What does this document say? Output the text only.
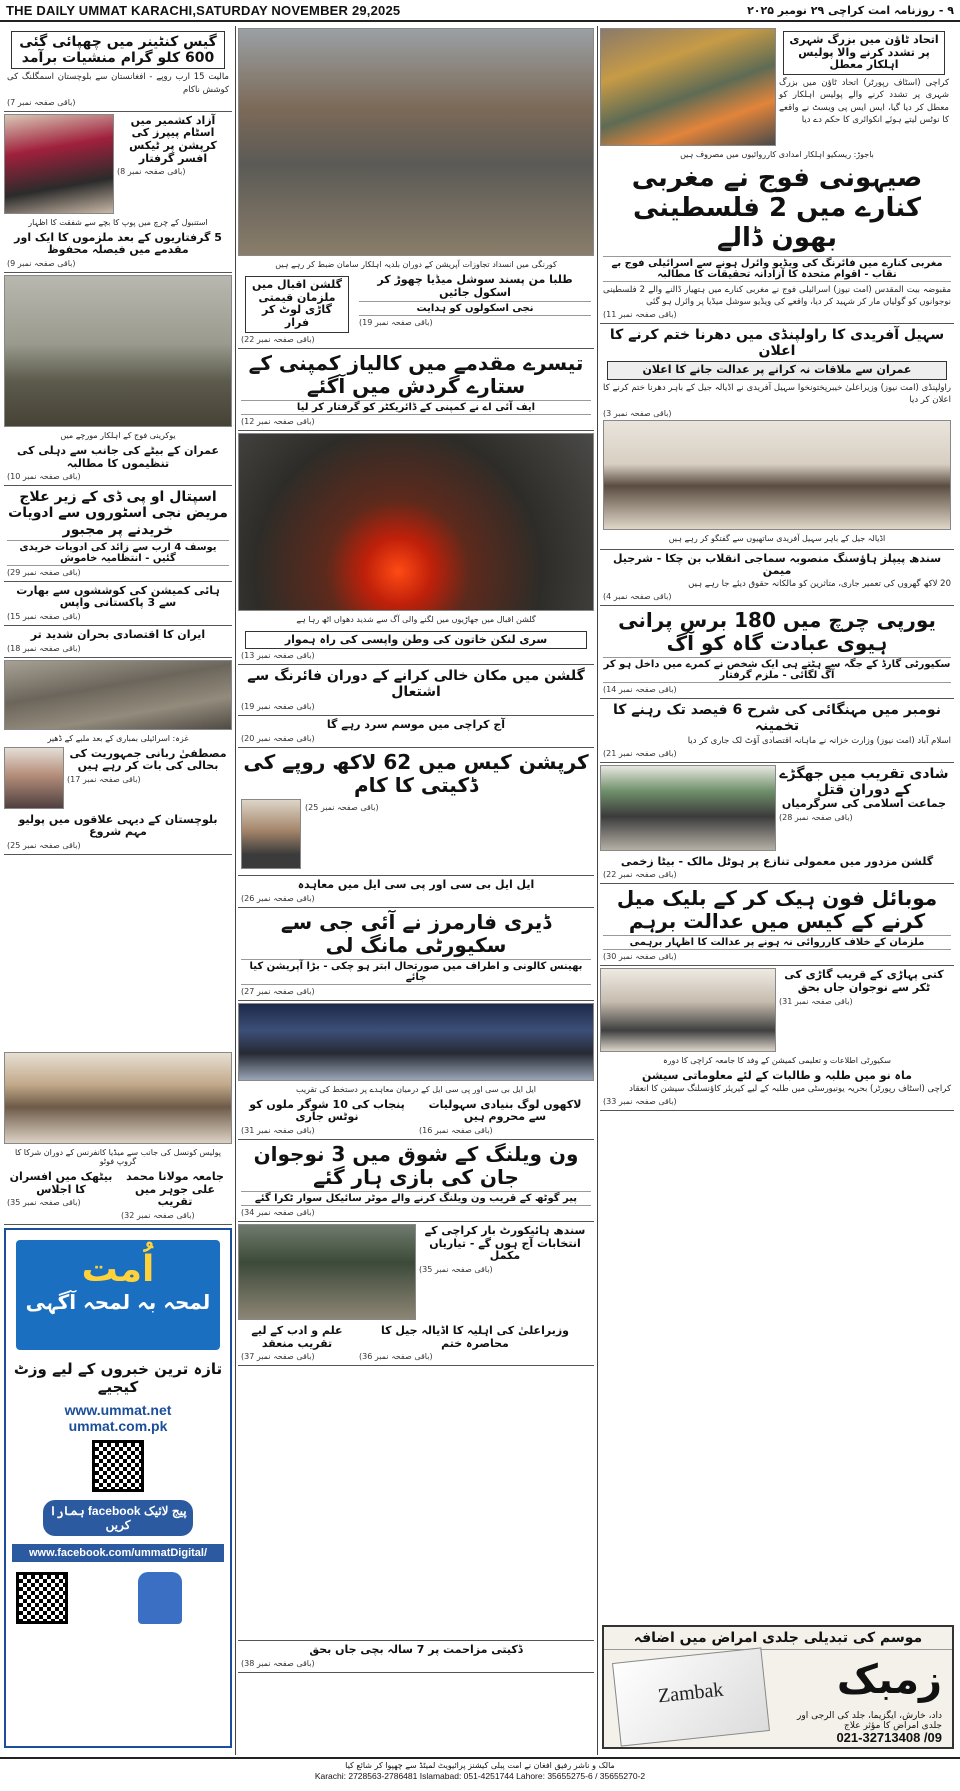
THE DAILY UMMAT KARACHI,SATURDAY NOVEMBER 29,2025	۹ - روزنامہ امت کراچی ۲۹ نومبر ۲۰۲۵
اتحاد ٹاؤن میں بزرگ شہری پر تشدد کرنے والا پولیس اہلکار معطل
کراچی (اسٹاف رپورٹر) اتحاد ٹاؤن میں بزرگ شہری پر تشدد کرنے والے پولیس اہلکار کو معطل کر دیا گیا، ایس ایس پی ویسٹ نے واقعے کا نوٹس لیتے ہوئے انکوائری کا حکم دے دیا
باجوڑ: ریسکیو اہلکار امدادی کارروائیوں میں مصروف ہیں
صیہونی فوج نے مغربی کنارے میں 2 فلسطینی بھون ڈالے
مغربی کنارے میں فائرنگ کی ویڈیو وائرل ہونے سے اسرائیلی فوج بے نقاب - اقوام متحدہ کا آزادانہ تحقیقات کا مطالبہ
مقبوضہ بیت المقدس (امت نیوز) اسرائیلی فوج نے مغربی کنارے میں ہتھیار ڈالنے والے 2 فلسطینی نوجوانوں کو گولیاں مار کر شہید کر دیا، واقعے کی ویڈیو سوشل میڈیا پر وائرل ہو گئی
(باقی صفحہ نمبر 11)
سہیل آفریدی کا راولپنڈی میں دھرنا ختم کرنے کا اعلان
عمران سے ملاقات نہ کرانے پر عدالت جانے کا اعلان
راولپنڈی (امت نیوز) وزیراعلیٰ خیبرپختونخوا سہیل آفریدی نے اڈیالہ جیل کے باہر دھرنا ختم کرنے کا اعلان کر دیا
(باقی صفحہ نمبر 3)
اڈیالہ جیل کے باہر سہیل آفریدی ساتھیوں سے گفتگو کر رہے ہیں
سندھ پیپلز ہاؤسنگ منصوبہ سماجی انقلاب بن چکا - شرجیل میمن
20 لاکھ گھروں کی تعمیر جاری، متاثرین کو مالکانہ حقوق دیئے جا رہے ہیں
(باقی صفحہ نمبر 4)
یورپی چرچ میں 180 برس پرانی ہیوی عبادت گاہ کو آگ
سکیورٹی گارڈ کے جگہ سے ہٹتے ہی ایک شخص نے کمرے میں داخل ہو کر آگ لگائی - ملزم گرفتار
(باقی صفحہ نمبر 14)
نومبر میں مہنگائی کی شرح 6 فیصد تک رہنے کا تخمینہ
اسلام آباد (امت نیوز) وزارت خزانہ نے ماہانہ اقتصادی آؤٹ لک جاری کر دیا
(باقی صفحہ نمبر 21)
شادی تقریب میں جھگڑے کے دوران قتل
جماعت اسلامی کی سرگرمیاں
(باقی صفحہ نمبر 28)
گلشن مزدور میں معمولی تنازع پر ہوٹل مالک - بیٹا زخمی
(باقی صفحہ نمبر 22)
موبائل فون ہیک کر کے بلیک میل کرنے کے کیس میں عدالت برہم
ملزمان کے خلاف کارروائی نہ ہونے پر عدالت کا اظہار برہمی
(باقی صفحہ نمبر 30)
کتی پہاڑی کے قریب گاڑی کی ٹکر سے نوجوان جاں بحق
(باقی صفحہ نمبر 31)
سکیورٹی اطلاعات و تعلیمی کمیشن کے وفد کا جامعہ کراچی کا دورہ
ماہ نو میں طلبہ و طالبات کے لئے معلوماتی سیشن
کراچی (اسٹاف رپورٹر) بحریہ یونیورسٹی میں طلبہ کے لیے کیریئر کاؤنسلنگ سیشن کا انعقاد
(باقی صفحہ نمبر 33)
کورنگی میں انسداد تجاوزات آپریشن کے دوران بلدیہ اہلکار سامان ضبط کر رہے ہیں
گلشن اقبال میں ملزمان قیمتی گاڑی لوٹ کر فرار
(باقی صفحہ نمبر 22)
طلبا من پسند سوشل میڈیا چھوڑ کر اسکول جائیں
نجی اسکولوں کو ہدایت
(باقی صفحہ نمبر 19)
تیسرے مقدمے میں کالیاز کمپنی کے ستارے گردش میں آگئے
ایف آئی اے نے کمپنی کے ڈائریکٹر کو گرفتار کر لیا
(باقی صفحہ نمبر 12)
گلشن اقبال میں جھاڑیوں میں لگنے والی آگ سے شدید دھواں اٹھ رہا ہے
سری لنکن خاتون کی وطن واپسی کی راہ ہموار
(باقی صفحہ نمبر 13)
گلشن میں مکان خالی کرانے کے دوران فائرنگ سے اشتعال
(باقی صفحہ نمبر 19)
آج کراچی میں موسم سرد رہے گا
(باقی صفحہ نمبر 20)
کرپشن کیس میں 62 لاکھ روپے کی ڈکیتی کا کام
(باقی صفحہ نمبر 25)
ایل ایل بی سی اور پی سی ایل میں معاہدہ
(باقی صفحہ نمبر 26)
ڈیری فارمرز نے آئی جی سے سکیورٹی مانگ لی
بھینس کالونی و اطراف میں صورتحال ابتر ہو چکی - بڑا آپریشن کیا جائے
(باقی صفحہ نمبر 27)
ایل ایل بی سی اور پی سی ایل کے درمیان معاہدے پر دستخط کی تقریب
پنجاب کی 10 شوگر ملوں کو نوٹس جاری
(باقی صفحہ نمبر 31)
لاکھوں لوگ بنیادی سہولیات سے محروم ہیں
(باقی صفحہ نمبر 16)
ون ویلنگ کے شوق میں 3 نوجوان جان کی بازی ہار گئے
پیر گوٹھ کے قریب ون ویلنگ کرنے والے موٹر سائیکل سوار ٹکرا گئے
(باقی صفحہ نمبر 34)
سندھ ہائیکورٹ بار کراچی کے انتخابات آج ہوں گے - تیاریاں مکمل
(باقی صفحہ نمبر 35)
علم و ادب کے لیے تقریب منعقد
(باقی صفحہ نمبر 37)
وزیراعلیٰ کی اہلیہ کا اڈیالہ جیل کا محاصرہ ختم
(باقی صفحہ نمبر 36)
گیس کنٹینر میں چھپائی گئی 600 کلو گرام منشیات برآمد
مالیت 15 ارب روپے - افغانستان سے بلوچستان اسمگلنگ کی کوشش ناکام
(باقی صفحہ نمبر 7)
آزاد کشمیر میں اسٹام پیپرز کی کرپشن پر ٹیکس افسر گرفتار
(باقی صفحہ نمبر 8)
استنبول کے چرچ میں پوپ کا بچے سے شفقت کا اظہار
5 گرفتاریوں کے بعد ملزموں کا ایک اور مقدمے میں فیصلہ محفوظ
(باقی صفحہ نمبر 9)
یوکرینی فوج کے اہلکار مورچے میں
عمران کے بیٹے کی جانب سے دہلی کی تنظیموں کا مطالبہ
(باقی صفحہ نمبر 10)
اسپتال او پی ڈی کے زیر علاج مریض نجی اسٹوروں سے ادویات خریدنے پر مجبور
یوسف 4 ارب سے زائد کی ادویات خریدی گئیں - انتظامیہ خاموش
(باقی صفحہ نمبر 29)
ہائی کمیشن کی کوششوں سے بھارت سے 3 پاکستانی واپس
(باقی صفحہ نمبر 15)
ایران کا اقتصادی بحران شدید تر
(باقی صفحہ نمبر 18)
غزہ: اسرائیلی بمباری کے بعد ملبے کے ڈھیر
مصطفیٰ ربانی جمہوریت کی بحالی کی بات کر رہے ہیں
(باقی صفحہ نمبر 17)
بلوچستان کے دیہی علاقوں میں پولیو مہم شروع
(باقی صفحہ نمبر 25)
اُمت
لمحہ بہ لمحہ آگہی
تازہ ترین خبروں کے لیے وزٹ کیجیے
www.ummat.net
ummat.com.pk
ہمارا facebook پیج لائیک کریں
www.facebook.com/ummatDigital/
پولیس کونسل کی جانب سے میڈیا کانفرنس کے دوران شرکا کا گروپ فوٹو
بیٹھک میں افسران کا اجلاس
(باقی صفحہ نمبر 35)
جامعہ مولانا محمد علی جوہر میں تقریب
(باقی صفحہ نمبر 32)
ڈکیتی مزاحمت پر 7 سالہ بچی جاں بحق
(باقی صفحہ نمبر 38)
موسم کی تبدیلی جلدی امراض میں اضافہ
زمبک
داد، خارش، ایگزیما، جلد کی الرجی اور جلدی امراض کا مؤثر علاج
Zambak
021-32713408 /09
مالک و ناشر رفیق افغان نے امت پبلی کیشنز پرائیویٹ لمیٹڈ سے چھپوا کر شائع کیا
Karachi: 2728563-2786481 Islamabad: 051-4251744 Lahore: 35655275-6 / 35655270-2
